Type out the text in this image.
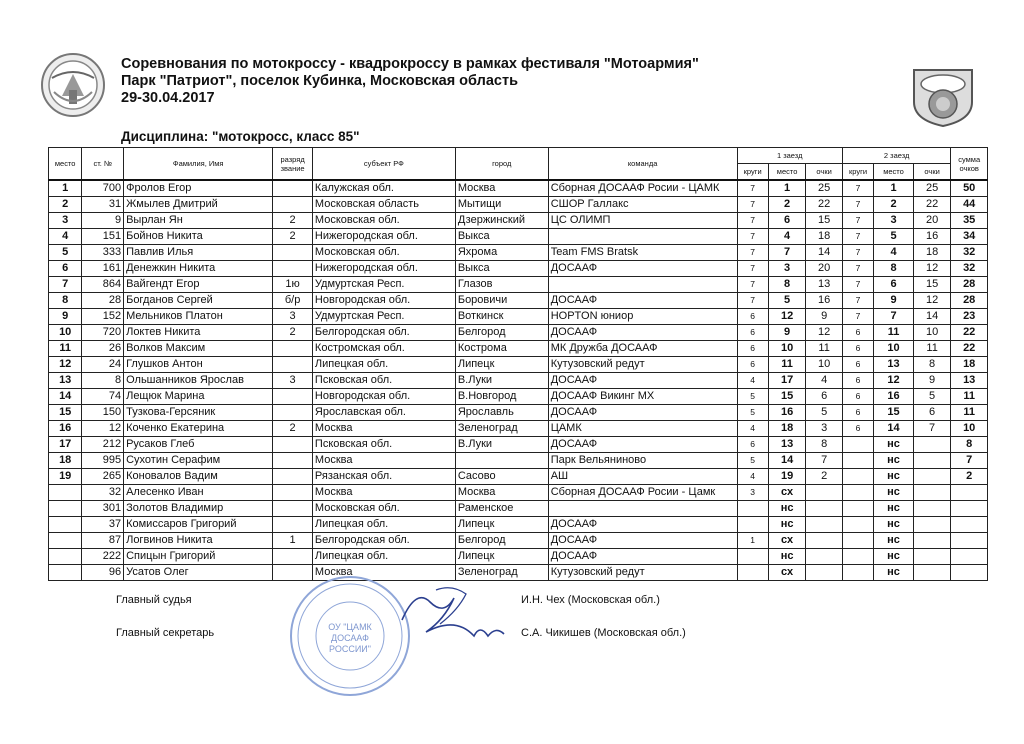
Соревнования по мотокроссу - квадрокроссу в рамках фестиваля "Мотоармия"
Парк "Патриот", поселок Кубинка, Московская область
29-30.04.2017
Дисциплина: "мотокросс, класс 85"
место	ст. №	Фамилия, Имя	разряд звание	субъект РФ	город	команда	1 заезд			2 заезд			сумма очков
							круги	место	очки	круги	место	очки	
1	700	Фролов Егор		Калужская обл.	Москва	Сборная ДОСААФ Росии - ЦАМК	7	1	25	7	1	25	50
2	31	Жмылев Дмитрий		Московская область	Мытищи	СШОР Галлакс	7	2	22	7	2	22	44
3	9	Вырлан Ян	2	Московская обл.	Дзержинский	ЦС ОЛИМП	7	6	15	7	3	20	35
4	151	Бойнов Никита	2	Нижегородская обл.	Выкса		7	4	18	7	5	16	34
5	333	Павлив Илья		Московская обл.	Яхрома	Team FMS Bratsk	7	7	14	7	4	18	32
6	161	Денежкин Никита		Нижегородская обл.	Выкса	ДОСААФ	7	3	20	7	8	12	32
7	864	Вайгендт Егор	1ю	Удмуртская Респ.	Глазов		7	8	13	7	6	15	28
8	28	Богданов Сергей	б/р	Новгородская обл.	Боровичи	ДОСААФ	7	5	16	7	9	12	28
9	152	Мельников Платон	3	Удмуртская Респ.	Воткинск	HOPTON юниор	6	12	9	7	7	14	23
10	720	Локтев Никита	2	Белгородская обл.	Белгород	ДОСААФ	6	9	12	6	11	10	22
11	26	Волков Максим		Костромская обл.	Кострома	МК Дружба ДОСААФ	6	10	11	6	10	11	22
12	24	Глушков Антон		Липецкая обл.	Липецк	Кутузовский редут	6	11	10	6	13	8	18
13	8	Ольшанников Ярослав	3	Псковская обл.	В.Луки	ДОСААФ	4	17	4	6	12	9	13
14	74	Лещюк Марина		Новгородская обл.	В.Новгород	ДОСААФ Викинг МХ	5	15	6	6	16	5	11
15	150	Тузкова-Герсяник		Ярославская обл.	Ярославль	ДОСААФ	5	16	5	6	15	6	11
16	12	Коченко Екатерина	2	Москва	Зеленоград	ЦАМК	4	18	3	6	14	7	10
17	212	Русаков Глеб		Псковская обл.	В.Луки	ДОСААФ	6	13	8		нс		8
18	995	Сухотин Серафим		Москва		Парк Вельяниново	5	14	7		нс		7
19	265	Коновалов Вадим		Рязанская обл.	Сасово	АШ	4	19	2		нс		2
	32	Алесенко Иван		Москва	Москва	Сборная ДОСААФ Росии - Цамк	3	сх			нс		
	301	Золотов Владимир		Московская обл.	Раменское			нс			нс		
	37	Комиссаров Григорий		Липецкая обл.	Липецк	ДОСААФ		нс			нс		
	87	Логвинов Никита	1	Белгородская обл.	Белгород	ДОСААФ	1	сх			нс		
	222	Спицын Григорий		Липецкая обл.	Липецк	ДОСААФ		нс			нс		
	96	Усатов Олег		Москва	Зеленоград	Кутузовский редут		сх			нс		
Главный судья	И.Н. Чех (Московская обл.)
Главный секретарь	С.А. Чикишев (Московская обл.)
ОУ "ЦАМК
ДОСААФ
РОССИИ"
